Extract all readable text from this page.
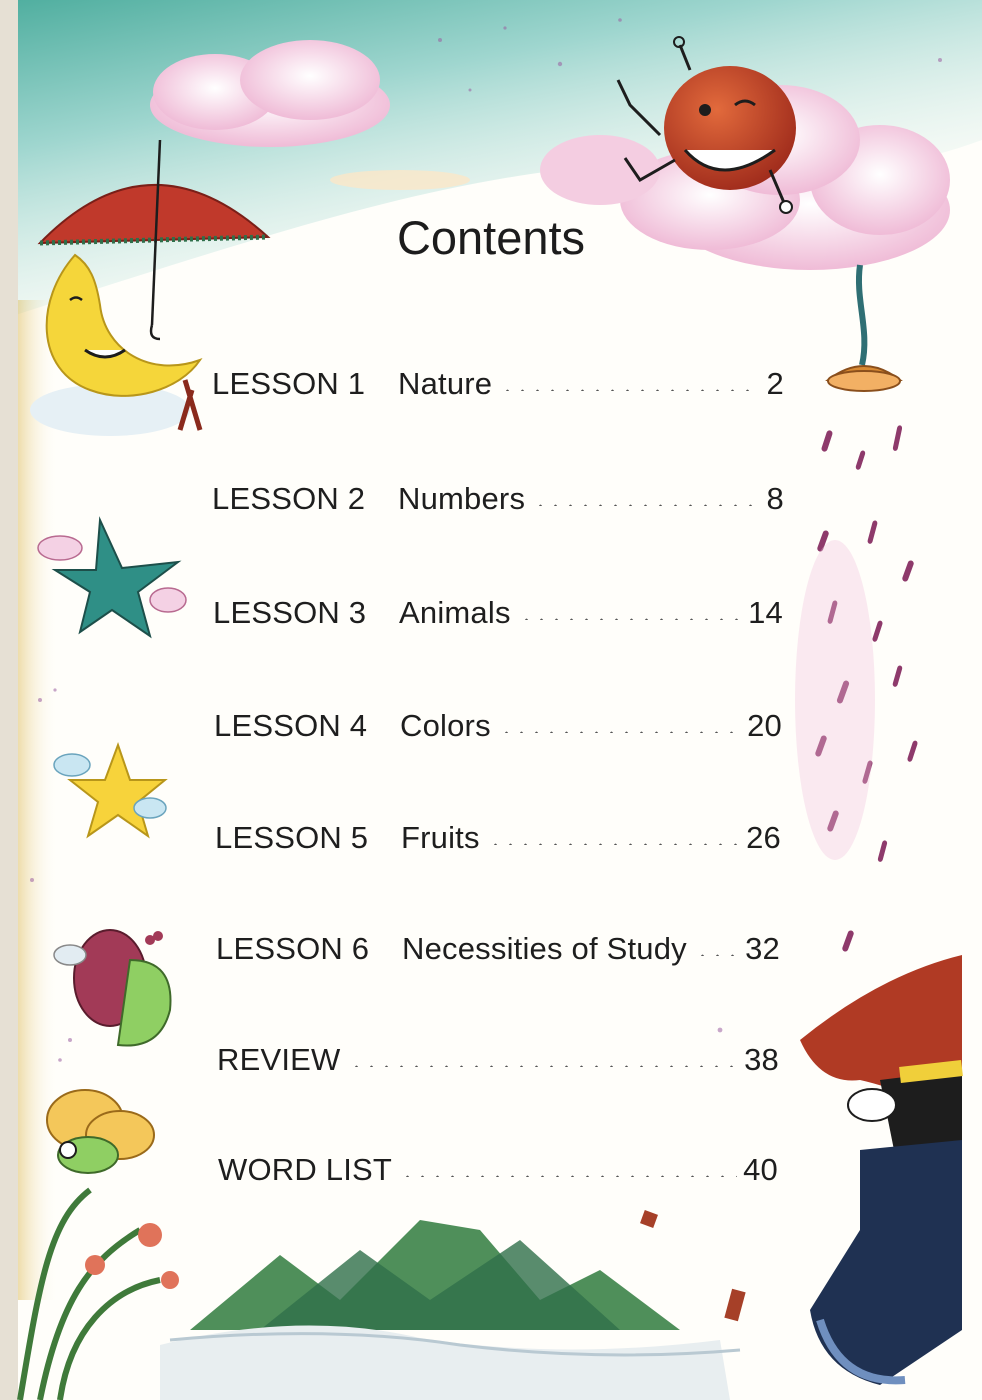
Contents
LESSON 1	Nature	2
LESSON 2	Numbers	8
LESSON 3	Animals	14
LESSON 4	Colors	20
LESSON 5	Fruits	26
LESSON 6	Necessities of Study 32
REVIEW	38
WORD LIST	40
